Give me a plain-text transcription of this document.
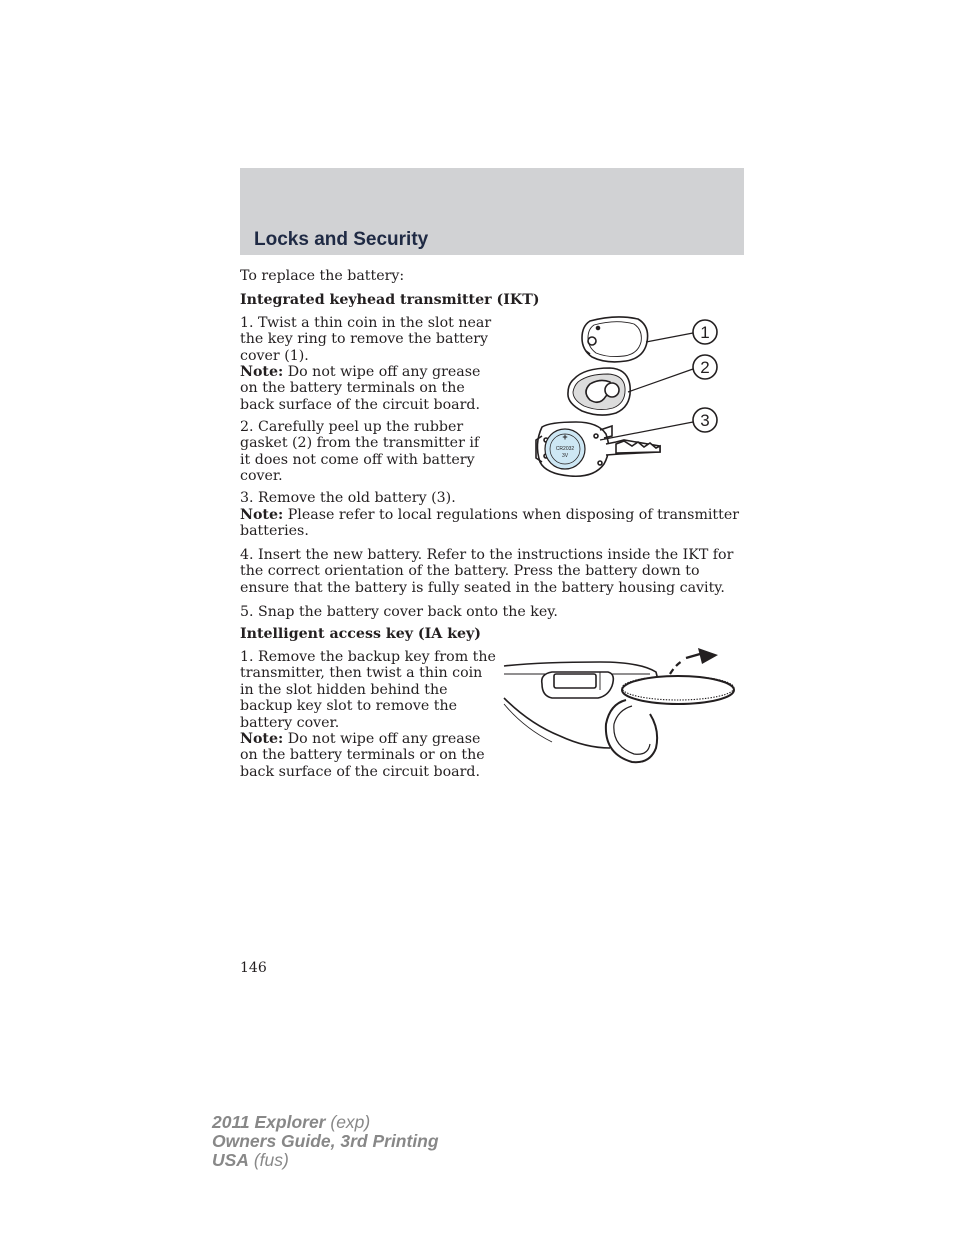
Locks and Security

To replace the battery:

Integrated keyhead transmitter (IKT)

1. Twist a thin coin in the slot near the key ring to remove the battery cover (1).

Note: Do not wipe off any grease on the battery terminals on the back surface of the circuit board.

2. Carefully peel up the rubber gasket (2) from the transmitter if it does not come off with battery cover.

3. Remove the old battery (3).

Note: Please refer to local regulations when disposing of transmitter batteries.

4. Insert the new battery. Refer to the instructions inside the IKT for the correct orientation of the battery. Press the battery down to ensure that the battery is fully seated in the battery housing cavity.

5. Snap the battery cover back onto the key.

Intelligent access key (IA key)

1. Remove the backup key from the transmitter, then twist a thin coin in the slot hidden behind the backup key slot to remove the battery cover.

Note: Do not wipe off any grease on the battery terminals or on the back surface of the circuit board.

1
2
3
+
CR2032
3V
146
2011 Explorer (exp)
Owners Guide, 3rd Printing
USA (fus)
